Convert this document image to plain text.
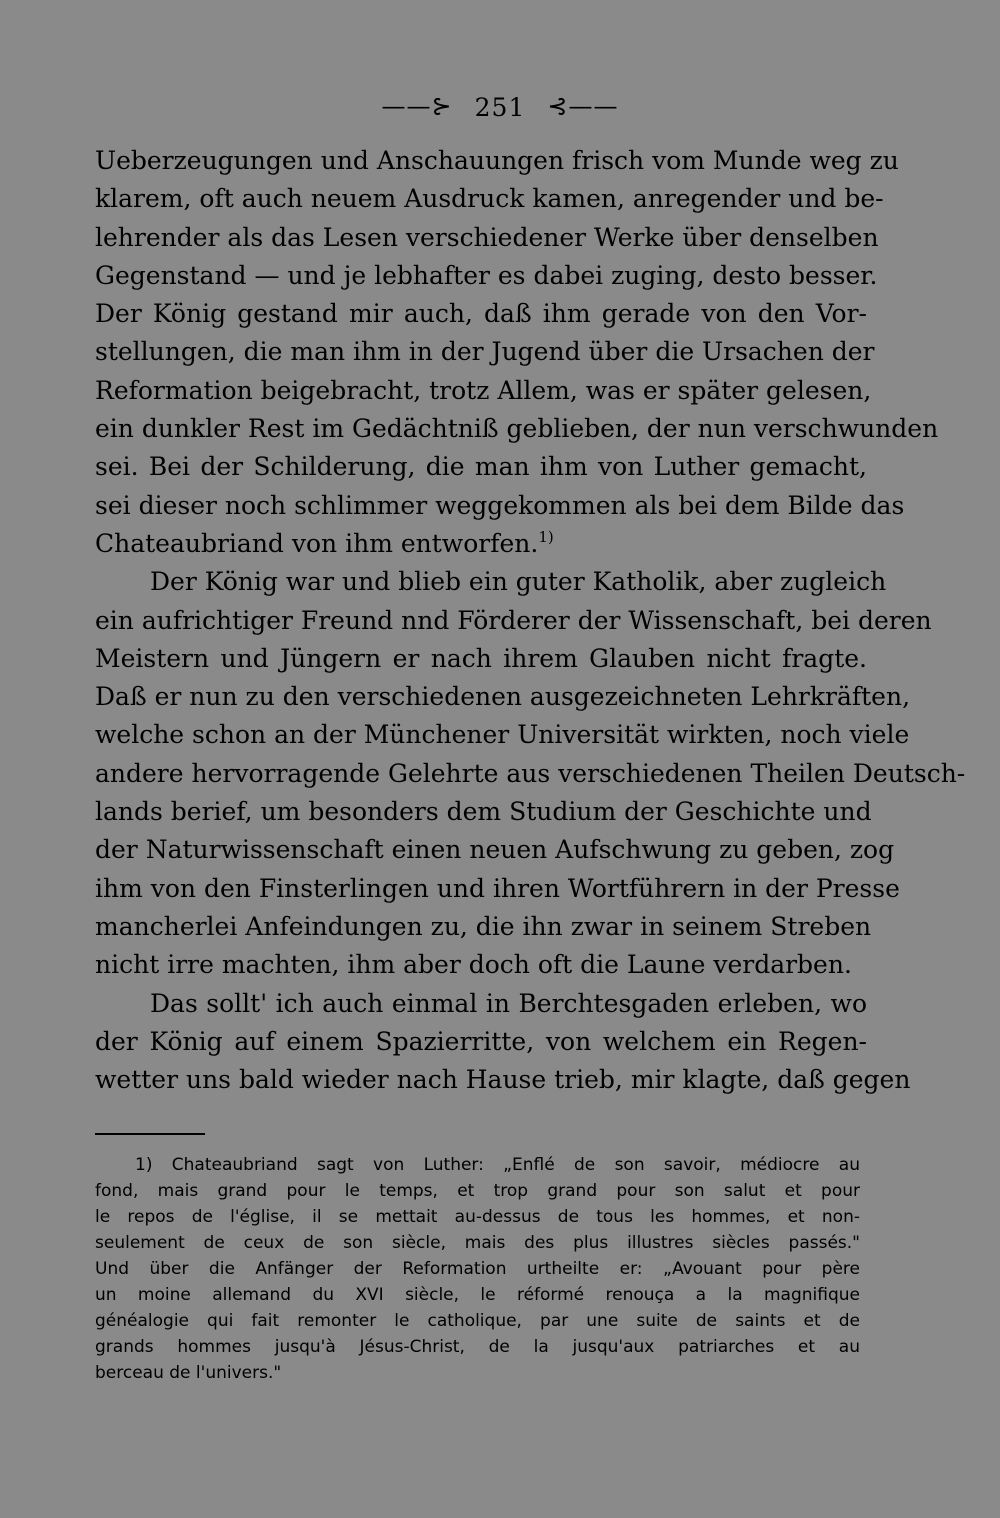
——⊱ 251 ⊰——
Ueberzeugungen und Anschauungen frisch vom Munde weg zu
klarem, oft auch neuem Ausdruck kamen, anregender und be-
lehrender als das Lesen verschiedener Werke über denselben
Gegenstand — und je lebhafter es dabei zuging, desto besser.
Der König gestand mir auch, daß ihm gerade von den Vor-
stellungen, die man ihm in der Jugend über die Ursachen der
Reformation beigebracht, trotz Allem, was er später gelesen,
ein dunkler Rest im Gedächtniß geblieben, der nun verschwunden
sei. Bei der Schilderung, die man ihm von Luther gemacht,
sei dieser noch schlimmer weggekommen als bei dem Bilde das
Chateaubriand von ihm entworfen.$^{1)}$
Der König war und blieb ein guter Katholik, aber zugleich
ein aufrichtiger Freund nnd Förderer der Wissenschaft, bei deren
Meistern und Jüngern er nach ihrem Glauben nicht fragte.
Daß er nun zu den verschiedenen ausgezeichneten Lehrkräften,
welche schon an der Münchener Universität wirkten, noch viele
andere hervorragende Gelehrte aus verschiedenen Theilen Deutsch-
lands berief, um besonders dem Studium der Geschichte und
der Naturwissenschaft einen neuen Aufschwung zu geben, zog
ihm von den Finsterlingen und ihren Wortführern in der Presse
mancherlei Anfeindungen zu, die ihn zwar in seinem Streben
nicht irre machten, ihm aber doch oft die Laune verdarben.
Das sollt' ich auch einmal in Berchtesgaden erleben, wo
der König auf einem Spazierritte, von welchem ein Regen-
wetter uns bald wieder nach Hause trieb, mir klagte, daß gegen
1) Chateaubriand sagt von Luther: „Enflé de son savoir, médiocre au
fond, mais grand pour le temps, et trop grand pour son salut et pour
le repos de l'église, il se mettait au-dessus de tous les hommes, et non-
seulement de ceux de son siècle, mais des plus illustres siècles passés."
Und über die Anfänger der Reformation urtheilte er: „Avouant pour père
un moine allemand du XVI siècle, le réformé renouça a la magnifique
généalogie qui fait remonter le catholique, par une suite de saints et de
grands hommes jusqu'à Jésus-Christ, de la jusqu'aux patriarches et au
berceau de l'univers."
